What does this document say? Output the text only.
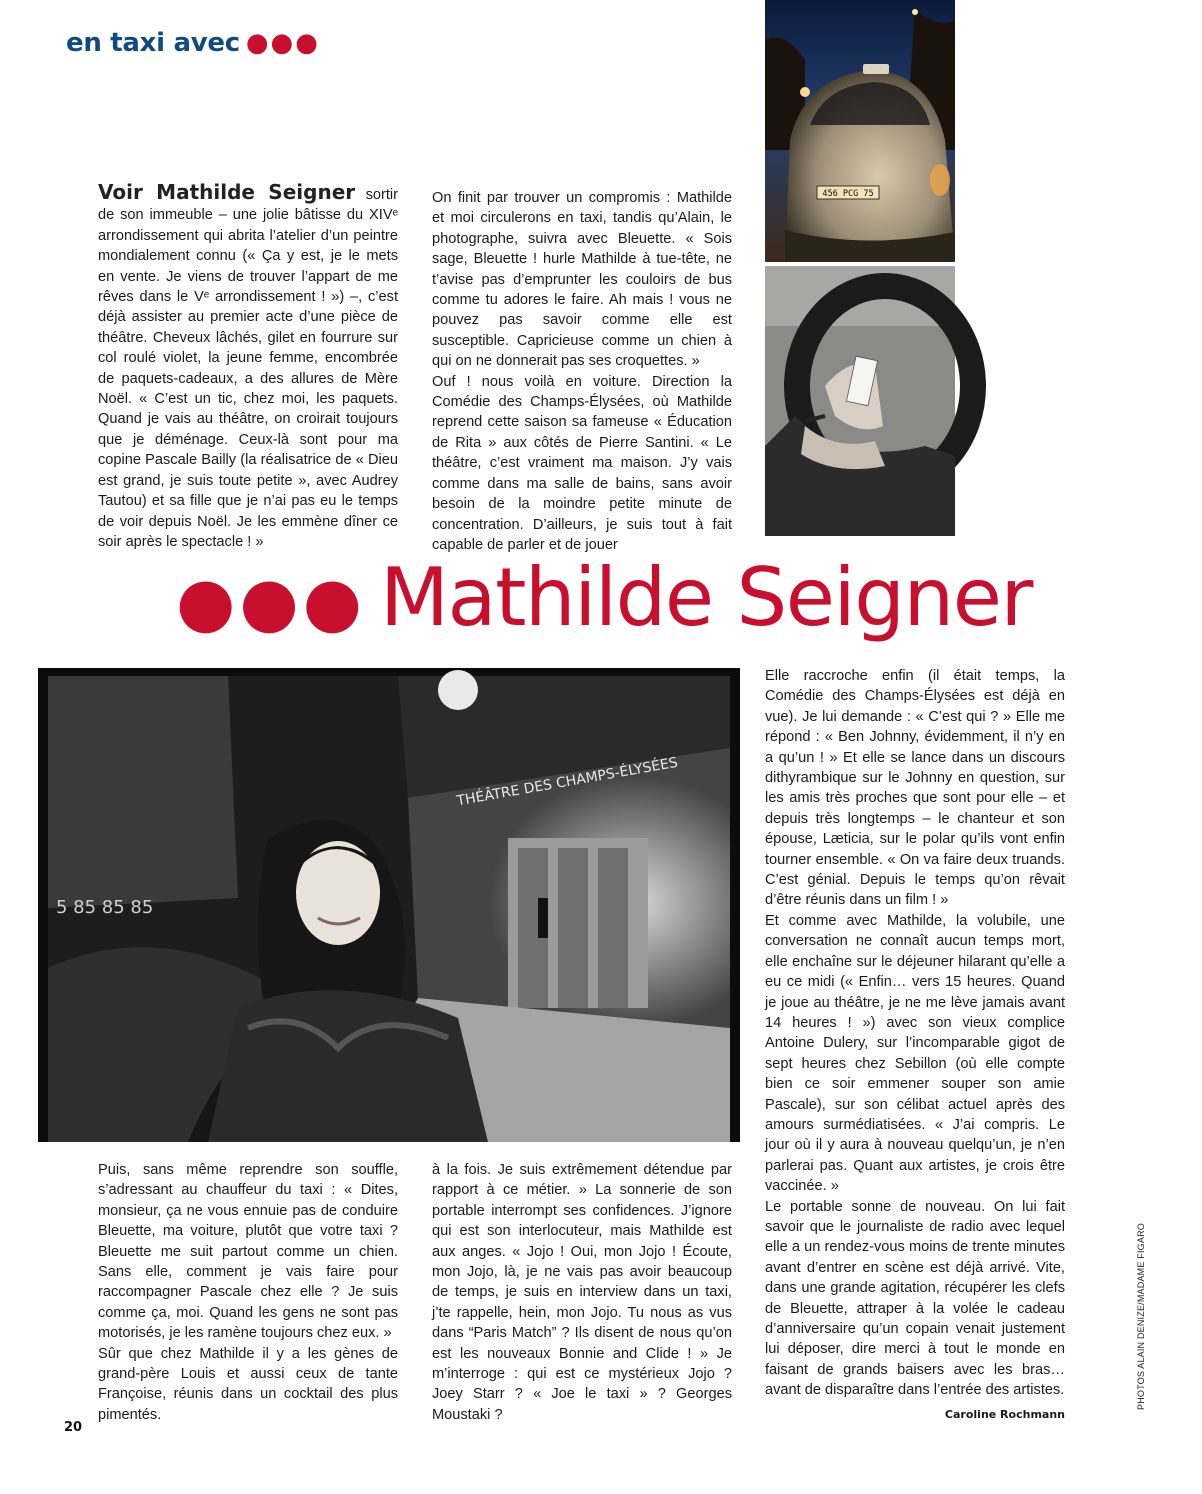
en taxi avec ●●●

Voir Mathilde Seigner sortir de son immeuble – une jolie bâtisse du XIVᵉ arrondissement qui abrita l’atelier d’un peintre mondialement connu (« Ça y est, je le mets en vente. Je viens de trouver l’appart de me rêves dans le Vᵉ arrondissement ! ») –, c’est déjà assister au premier acte d’une pièce de théâtre. Cheveux lâchés, gilet en fourrure sur col roulé violet, la jeune femme, encombrée de paquets-cadeaux, a des allures de Mère Noël. « C’est un tic, chez moi, les paquets. Quand je vais au théâtre, on croirait toujours que je déménage. Ceux-là sont pour ma copine Pascale Bailly (la réalisatrice de « Dieu est grand, je suis toute petite », avec Audrey Tautou) et sa fille que je n’ai pas eu le temps de voir depuis Noël. Je les emmène dîner ce soir après le spectacle ! »

On finit par trouver un compromis : Mathilde et moi circulerons en taxi, tandis qu’Alain, le photographe, suivra avec Bleuette. « Sois sage, Bleuette ! hurle Mathilde à tue-tête, ne t’avise pas d’emprunter les couloirs de bus comme tu adores le faire. Ah mais ! vous ne pouvez pas savoir comme elle est susceptible. Capricieuse comme un chien à qui on ne donnerait pas ses croquettes. »

Ouf ! nous voilà en voiture. Direction la Comédie des Champs-Élysées, où Mathilde reprend cette saison sa fameuse « Éducation de Rita » aux côtés de Pierre Santini. « Le théâtre, c’est vraiment ma maison. J’y vais comme dans ma salle de bains, sans avoir besoin de la moindre petite minute de concentration. D’ailleurs, je suis tout à fait capable de parler et de jouer

456 PCG 75
●●● Mathilde Seigner
THÉÂTRE DES CHAMPS-ÉLYSÉES
5 85 85 85

Elle raccroche enfin (il était temps, la Comédie des Champs-Élysées est déjà en vue). Je lui demande : « C’est qui ? » Elle me répond : « Ben Johnny, évidemment, il n’y en a qu’un ! » Et elle se lance dans un discours dithyrambique sur le Johnny en question, sur les amis très proches que sont pour elle – et depuis très longtemps – le chanteur et son épouse, Læticia, sur le polar qu’ils vont enfin tourner ensemble. « On va faire deux truands. C’est génial. Depuis le temps qu’on rêvait d’être réunis dans un film ! »

Et comme avec Mathilde, la volubile, une conversation ne connaît aucun temps mort, elle enchaîne sur le déjeuner hilarant qu’elle a eu ce midi (« Enfin… vers 15 heures. Quand je joue au théâtre, je ne me lève jamais avant 14 heures ! ») avec son vieux complice Antoine Dulery, sur l’incomparable gigot de sept heures chez Sebillon (où elle compte bien ce soir emmener souper son amie Pascale), sur son célibat actuel après des amours surmédiatisées. « J’ai compris. Le jour où il y aura à nouveau quelqu’un, je n’en parlerai pas. Quant aux artistes, je crois être vaccinée. »

Le portable sonne de nouveau. On lui fait savoir que le journaliste de radio avec lequel elle a un rendez-vous moins de trente minutes avant d’entrer en scène est déjà arrivé. Vite, dans une grande agitation, récupérer les clefs de Bleuette, attraper à la volée le cadeau d’anniversaire qu’un copain venait justement lui déposer, dire merci à tout le monde en faisant de grands baisers avec les bras… avant de disparaître dans l’entrée des artistes.
Caroline Rochmann

Puis, sans même reprendre son souffle, s’adressant au chauffeur du taxi : « Dites, monsieur, ça ne vous ennuie pas de conduire Bleuette, ma voiture, plutôt que votre taxi ? Bleuette me suit partout comme un chien. Sans elle, comment je vais faire pour raccompagner Pascale chez elle ? Je suis comme ça, moi. Quand les gens ne sont pas motorisés, je les ramène toujours chez eux. »

Sûr que chez Mathilde il y a les gènes de grand-père Louis et aussi ceux de tante Françoise, réunis dans un cocktail des plus pimentés.

à la fois. Je suis extrêmement détendue par rapport à ce métier. » La sonnerie de son portable interrompt ses confidences. J’ignore qui est son interlocuteur, mais Mathilde est aux anges. « Jojo ! Oui, mon Jojo ! Écoute, mon Jojo, là, je ne vais pas avoir beaucoup de temps, je suis en interview dans un taxi, j’te rappelle, hein, mon Jojo. Tu nous as vus dans “Paris Match” ? Ils disent de nous qu’on est les nouveaux Bonnie and Clide ! » Je m’interroge : qui est ce mystérieux Jojo ? Joey Starr ? « Joe le taxi » ? Georges Moustaki ?

PHOTOS ALAIN DENIZE/MADAME FIGARO
20
